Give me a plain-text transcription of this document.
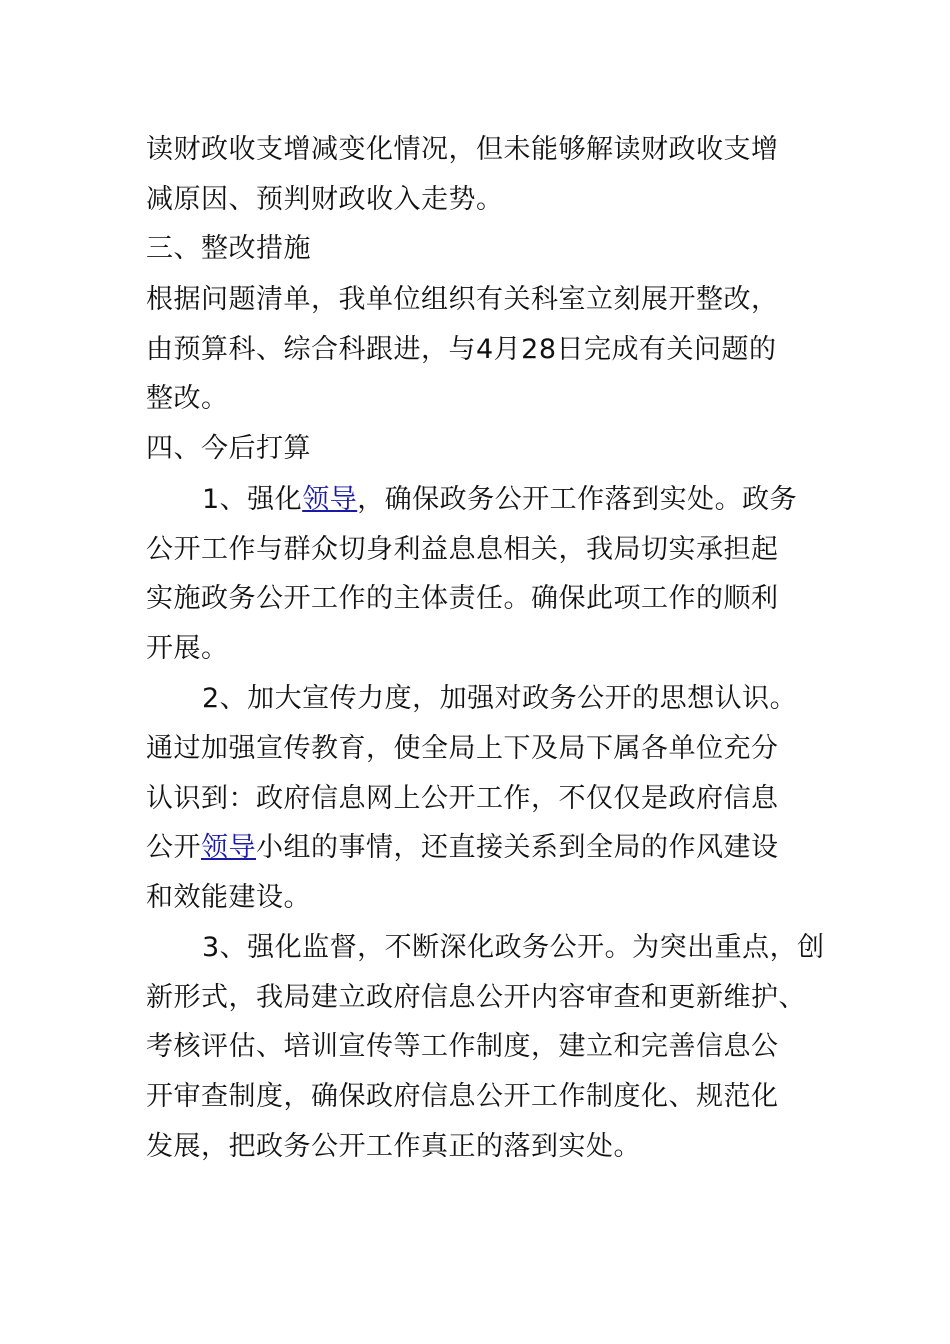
读财政收支增减变化情况，但未能够解读财政收支增
减原因、预判财政收入走势。
三、整改措施
根据问题清单，我单位组织有关科室立刻展开整改，
由预算科、综合科跟进，与4月28日完成有关问题的
整改。
四、今后打算
1、强化领导，确保政务公开工作落到实处。政务
公开工作与群众切身利益息息相关，我局切实承担起
实施政务公开工作的主体责任。确保此项工作的顺利
开展。
2、加大宣传力度，加强对政务公开的思想认识。
通过加强宣传教育，使全局上下及局下属各单位充分
认识到：政府信息网上公开工作，不仅仅是政府信息
公开领导小组的事情，还直接关系到全局的作风建设
和效能建设。
3、强化监督，不断深化政务公开。为突出重点，创
新形式，我局建立政府信息公开内容审查和更新维护、
考核评估、培训宣传等工作制度，建立和完善信息公
开审查制度，确保政府信息公开工作制度化、规范化
发展，把政务公开工作真正的落到实处。
